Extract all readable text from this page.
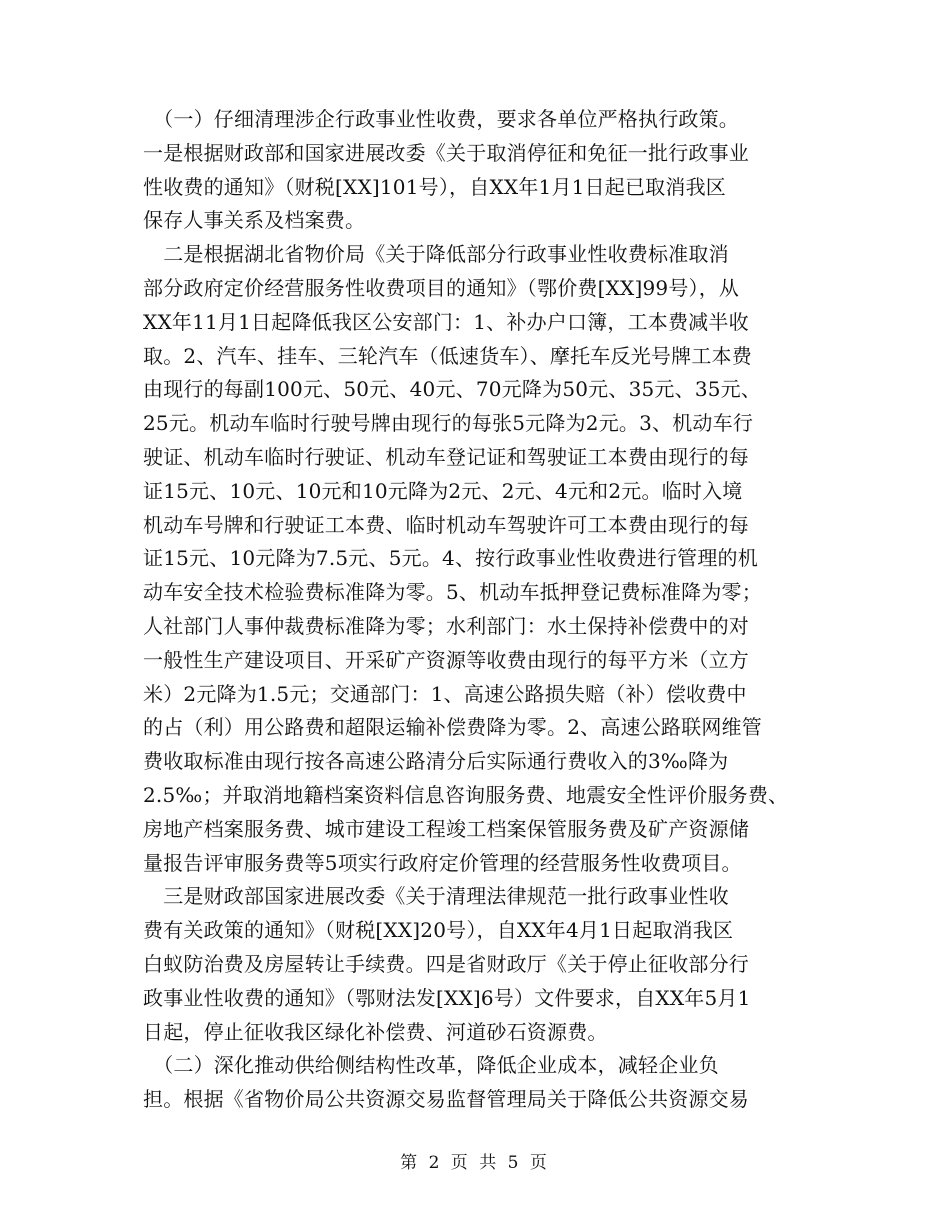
　（一）仔细清理涉企行政事业性收费，要求各单位严格执行政策。
一是根据财政部和国家进展改委《关于取消停征和免征一批行政事业
性收费的通知》（财税[XX]101号），自XX年1月1日起已取消我区
保存人事关系及档案费。
　二是根据湖北省物价局《关于降低部分行政事业性收费标准取消
部分政府定价经营服务性收费项目的通知》（鄂价费[XX]99号），从
XX年11月1日起降低我区公安部门：1、补办户口簿，工本费减半收
取。2、汽车、挂车、三轮汽车（低速货车）、摩托车反光号牌工本费
由现行的每副100元、50元、40元、70元降为50元、35元、35元、
25元。机动车临时行驶号牌由现行的每张5元降为2元。3、机动车行
驶证、机动车临时行驶证、机动车登记证和驾驶证工本费由现行的每
证15元、10元、10元和10元降为2元、2元、4元和2元。临时入境
机动车号牌和行驶证工本费、临时机动车驾驶许可工本费由现行的每
证15元、10元降为7.5元、5元。4、按行政事业性收费进行管理的机
动车安全技术检验费标准降为零。5、机动车抵押登记费标准降为零；
人社部门人事仲裁费标准降为零；水利部门：水土保持补偿费中的对
一般性生产建设项目、开采矿产资源等收费由现行的每平方米（立方
米）2元降为1.5元；交通部门：1、高速公路损失赔（补）偿收费中
的占（利）用公路费和超限运输补偿费降为零。2、高速公路联网维管
费收取标准由现行按各高速公路清分后实际通行费收入的3‰降为
2.5‰；并取消地籍档案资料信息咨询服务费、地震安全性评价服务费、
房地产档案服务费、城市建设工程竣工档案保管服务费及矿产资源储
量报告评审服务费等5项实行政府定价管理的经营服务性收费项目。
　三是财政部国家进展改委《关于清理法律规范一批行政事业性收
费有关政策的通知》（财税[XX]20号），自XX年4月1日起取消我区
白蚁防治费及房屋转让手续费。四是省财政厅《关于停止征收部分行
政事业性收费的通知》（鄂财法发[XX]6号）文件要求，自XX年5月1
日起，停止征收我区绿化补偿费、河道砂石资源费。
　（二）深化推动供给侧结构性改革，降低企业成本，减轻企业负
担。根据《省物价局公共资源交易监督管理局关于降低公共资源交易
第 2 页 共 5 页
